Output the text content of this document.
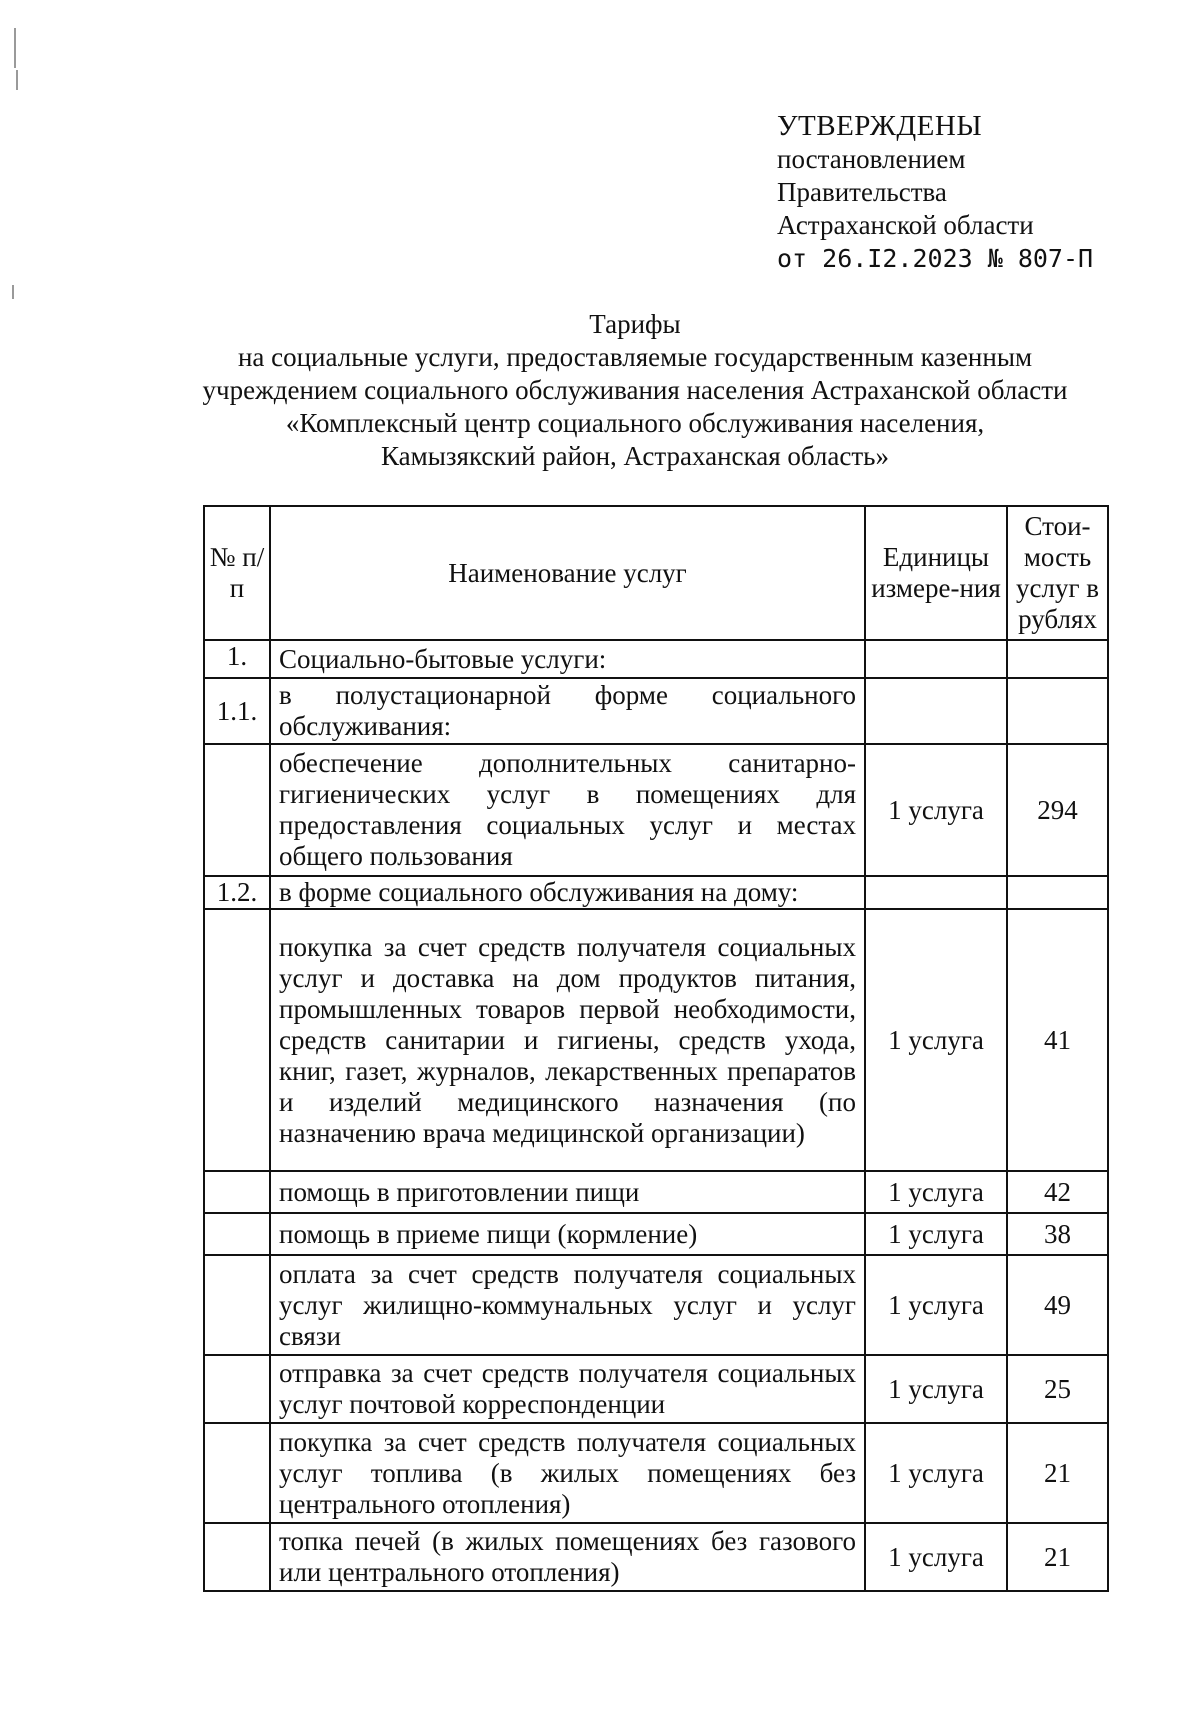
УТВЕРЖДЕНЫ
постановлением
Правительства
Астраханской области
от 26.I2.2023 № 807-П
Тарифы
на социальные услуги, предоставляемые государственным казенным
учреждением социального обслуживания населения Астраханской области
«Комплексный центр социального обслуживания населения,
Камызякский район, Астраханская область»
№ п/п	Наименование услуг	Единицы измере-ния	Стои-мость услуг в рублях
1.	Социально-бытовые услуги:		
1.1.	в полустационарной форме социального обслуживания:		
	обеспечение дополнительных санитарно-гигиенических услуг в помещениях для предоставления социальных услуг и местах общего пользования	1 услуга	294
1.2.	в форме социального обслуживания на дому:		
	покупка за счет средств получателя социальных услуг и доставка на дом продуктов питания, промышленных товаров первой необходимости, средств санитарии и гигиены, средств ухода, книг, газет, журналов, лекарственных препаратов и изделий медицинского назначения (по назначению врача медицинской организации)	1 услуга	41
	помощь в приготовлении пищи	1 услуга	42
	помощь в приеме пищи (кормление)	1 услуга	38
	оплата за счет средств получателя социальных услуг жилищно-коммунальных услуг и услуг связи	1 услуга	49
	отправка за счет средств получателя социальных услуг почтовой корреспонденции	1 услуга	25
	покупка за счет средств получателя социальных услуг топлива (в жилых помещениях без центрального отопления)	1 услуга	21
	топка печей (в жилых помещениях без газового или центрального отопления)	1 услуга	21
